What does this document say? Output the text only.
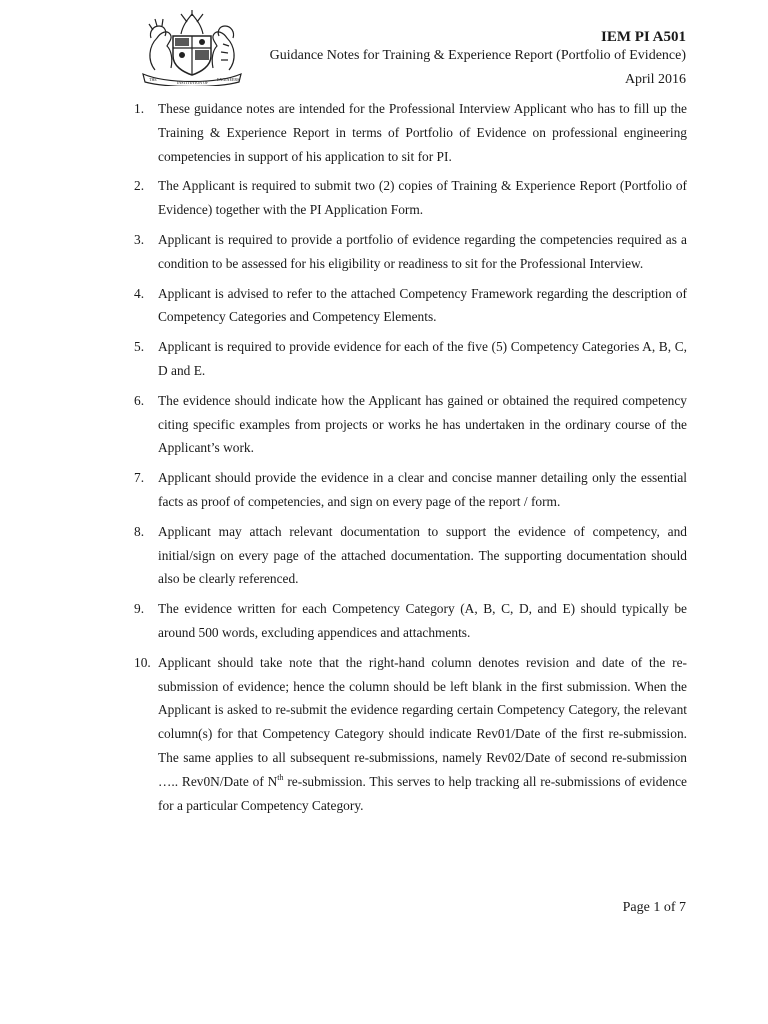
THE
INSTITUTION OF
ENGINEERS
IEM PI A501
Guidance Notes for Training & Experience Report (Portfolio of Evidence)
April 2016
1. These guidance notes are intended for the Professional Interview Applicant who has to fill up the Training & Experience Report in terms of Portfolio of Evidence on professional engineering competencies in support of his application to sit for PI.
2. The Applicant is required to submit two (2) copies of Training & Experience Report (Portfolio of Evidence) together with the PI Application Form.
3. Applicant is required to provide a portfolio of evidence regarding the competencies required as a condition to be assessed for his eligibility or readiness to sit for the Professional Interview.
4. Applicant is advised to refer to the attached Competency Framework regarding the description of Competency Categories and Competency Elements.
5. Applicant is required to provide evidence for each of the five (5) Competency Categories A, B, C, D and E.
6. The evidence should indicate how the Applicant has gained or obtained the required competency citing specific examples from projects or works he has undertaken in the ordinary course of the Applicant’s work.
7. Applicant should provide the evidence in a clear and concise manner detailing only the essential facts as proof of competencies, and sign on every page of the report / form.
8. Applicant may attach relevant documentation to support the evidence of competency, and initial/sign on every page of the attached documentation. The supporting documentation should also be clearly referenced.
9. The evidence written for each Competency Category (A, B, C, D, and E) should typically be around 500 words, excluding appendices and attachments.
10. Applicant should take note that the right-hand column denotes revision and date of the re-submission of evidence; hence the column should be left blank in the first submission. When the Applicant is asked to re-submit the evidence regarding certain Competency Category, the relevant column(s) for that Competency Category should indicate Rev01/Date of the first re-submission. The same applies to all subsequent re-submissions, namely Rev02/Date of second re-submission ….. Rev0N/Date of $N^{th}$ re-submission. This serves to help tracking all re-submissions of evidence for a particular Competency Category.
Page 1 of 7
